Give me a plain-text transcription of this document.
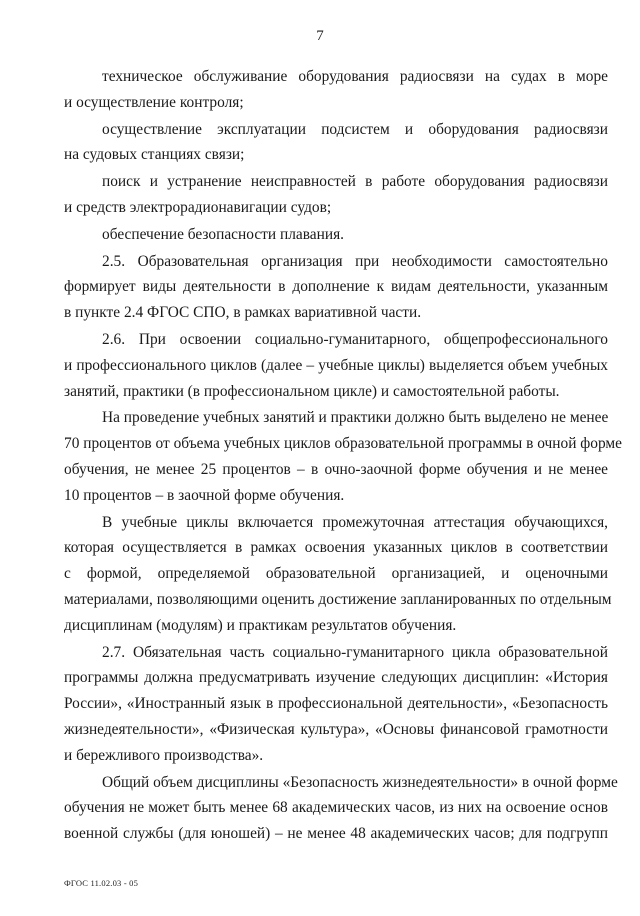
7
техническое обслуживание оборудования радиосвязи на судах в море
и осуществление контроля;
осуществление эксплуатации подсистем и оборудования радиосвязи
на судовых станциях связи;
поиск и устранение неисправностей в работе оборудования радиосвязи
и средств электрорадионавигации судов;
обеспечение безопасности плавания.
2.5. Образовательная организация при необходимости самостоятельно
формирует виды деятельности в дополнение к видам деятельности, указанным
в пункте 2.4 ФГОС СПО, в рамках вариативной части.
2.6. При освоении социально-гуманитарного, общепрофессионального
и профессионального циклов (далее – учебные циклы) выделяется объем учебных
занятий, практики (в профессиональном цикле) и самостоятельной работы.
На проведение учебных занятий и практики должно быть выделено не менее
70 процентов от объема учебных циклов образовательной программы в очной форме
обучения, не менее 25 процентов – в очно-заочной форме обучения и не менее
10 процентов – в заочной форме обучения.
В учебные циклы включается промежуточная аттестация обучающихся,
которая осуществляется в рамках освоения указанных циклов в соответствии
с формой, определяемой образовательной организацией, и оценочными
материалами, позволяющими оценить достижение запланированных по отдельным
дисциплинам (модулям) и практикам результатов обучения.
2.7. Обязательная часть социально-гуманитарного цикла образовательной
программы должна предусматривать изучение следующих дисциплин: «История
России», «Иностранный язык в профессиональной деятельности», «Безопасность
жизнедеятельности», «Физическая культура», «Основы финансовой грамотности
и бережливого производства».
Общий объем дисциплины «Безопасность жизнедеятельности» в очной форме
обучения не может быть менее 68 академических часов, из них на освоение основ
военной службы (для юношей) – не менее 48 академических часов; для подгрупп
ФГОС 11.02.03 - 05
